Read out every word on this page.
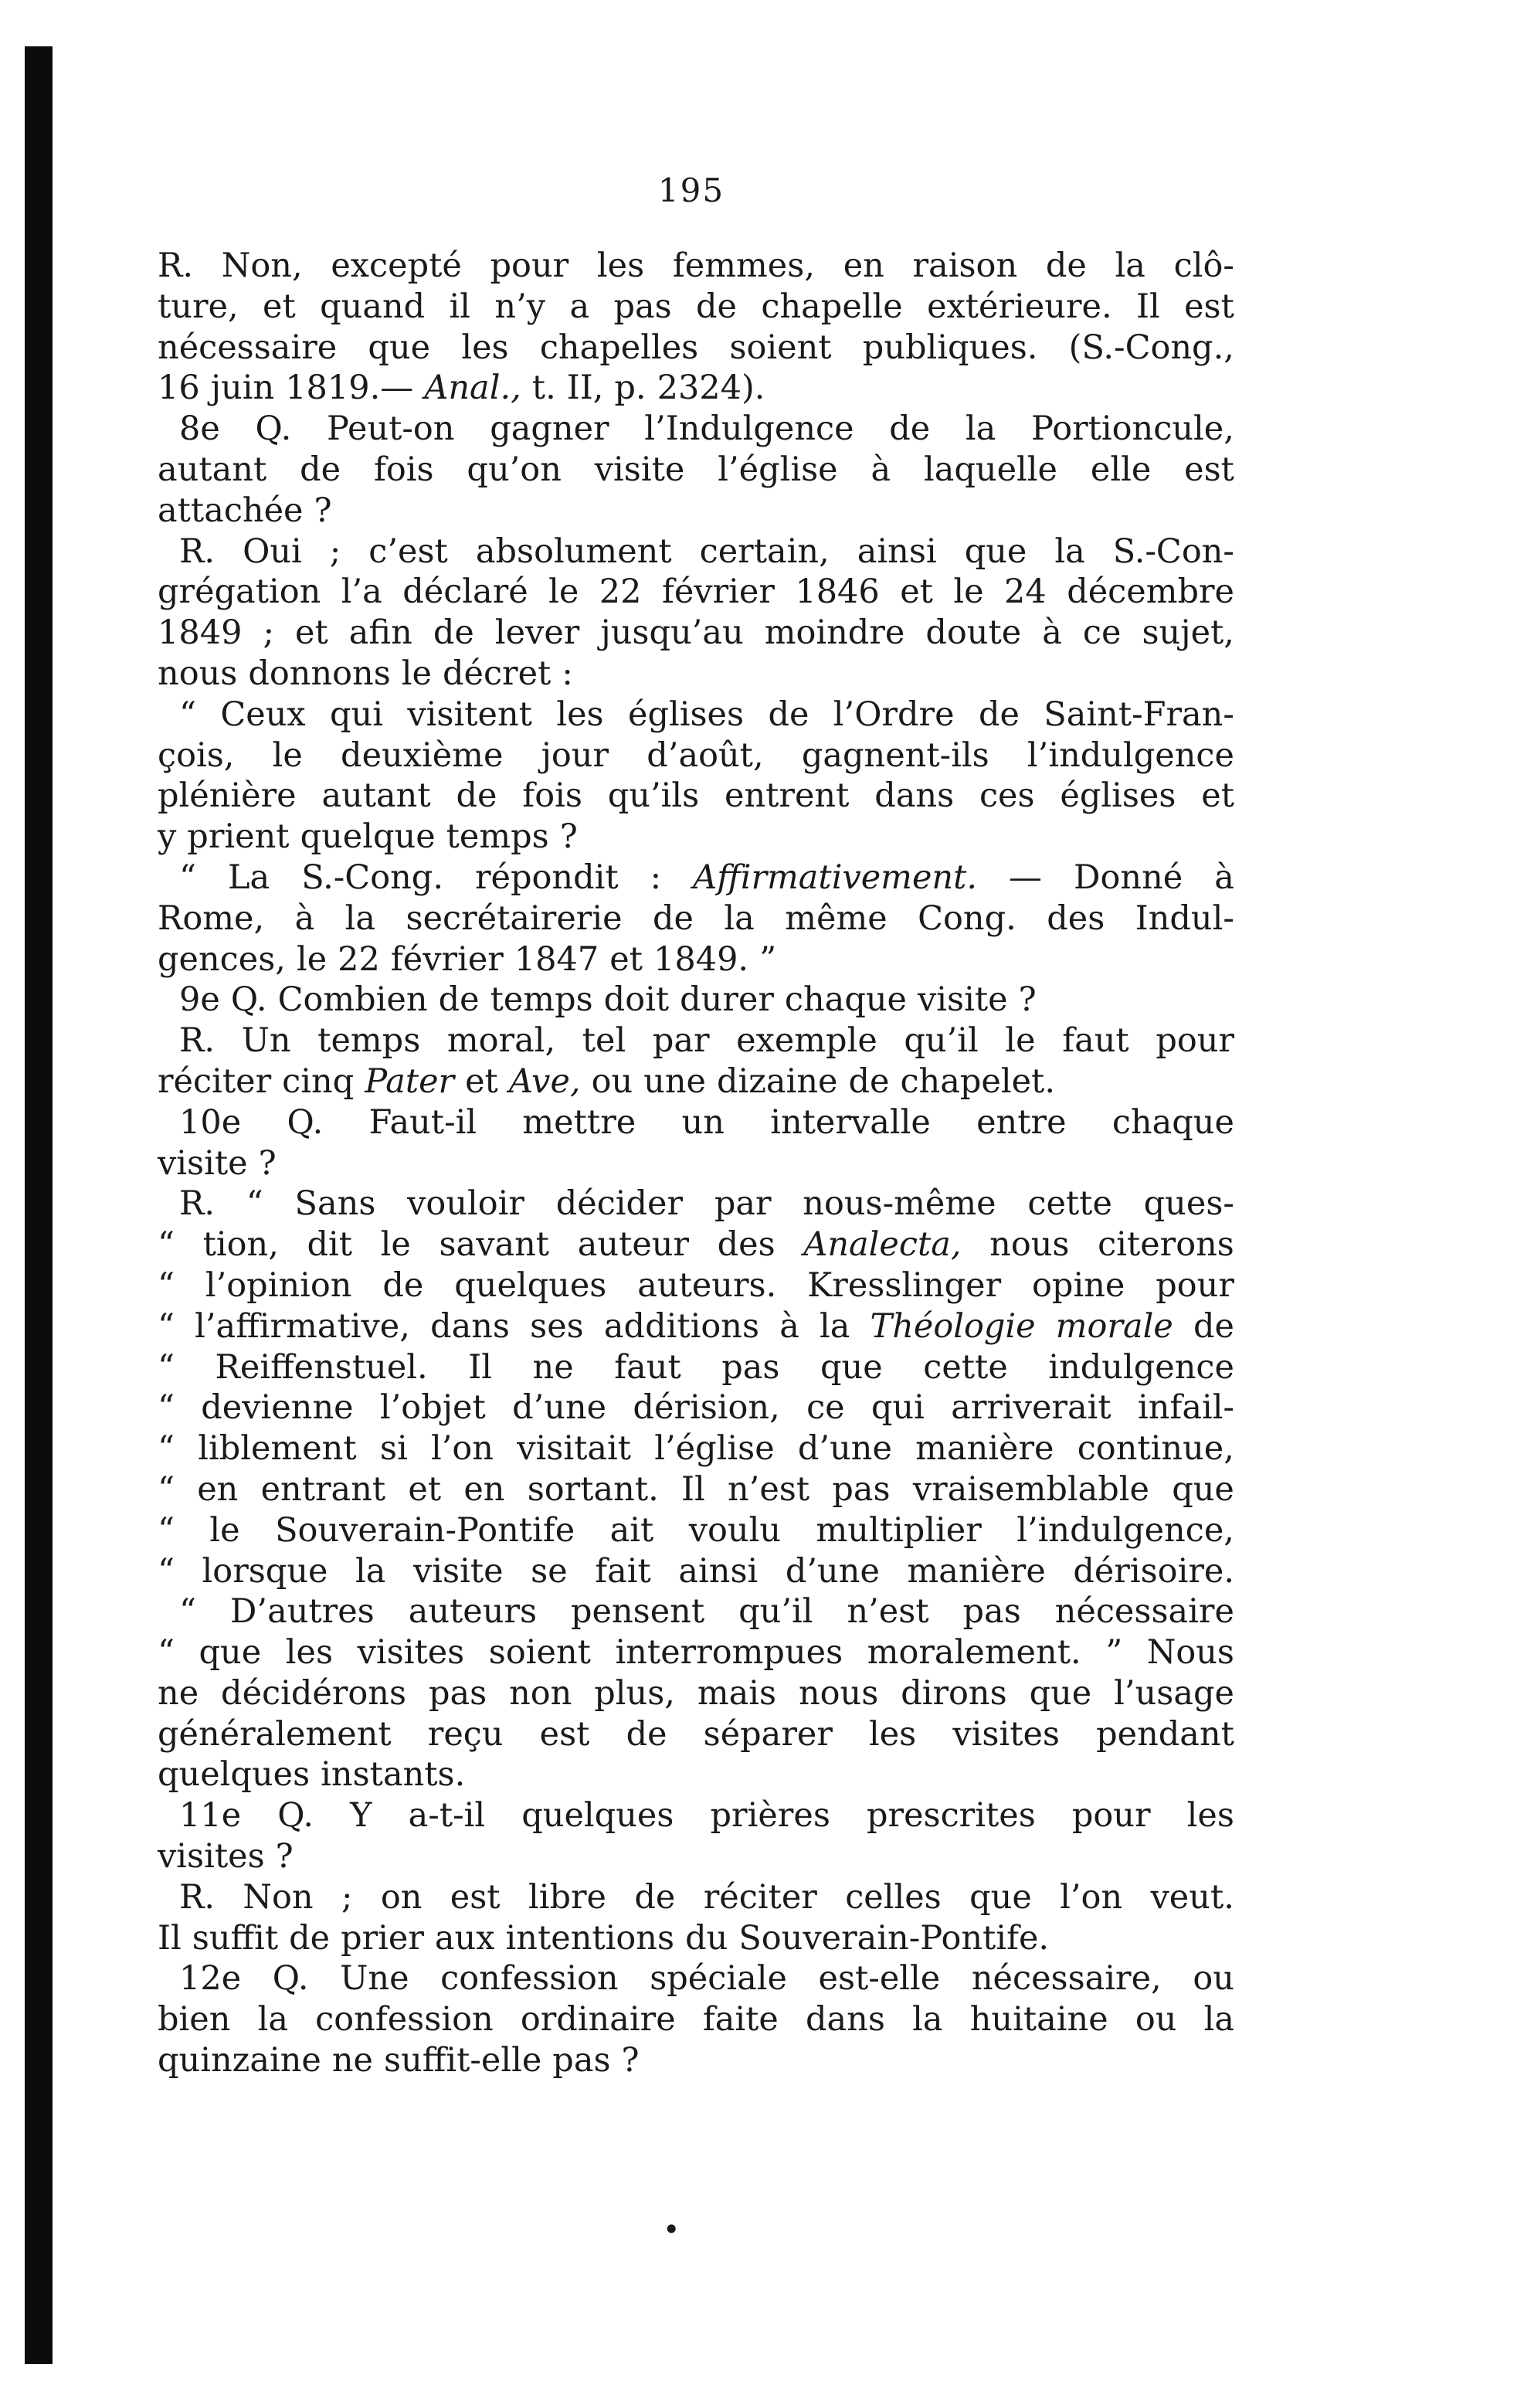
195
R. Non, excepté pour les femmes, en raison de la clô-
ture, et quand il n’y a pas de chapelle extérieure. Il est
nécessaire que les chapelles soient publiques. (S.-Cong.,
16 juin 1819.— Anal., t. II, p. 2324).
8e Q. Peut-on gagner l’Indulgence de la Portioncule,
autant de fois qu’on visite l’église à laquelle elle est
attachée ?
R. Oui ; c’est absolument certain, ainsi que la S.-Con-
grégation l’a déclaré le 22 février 1846 et le 24 décembre
1849 ; et afin de lever jusqu’au moindre doute à ce sujet,
nous donnons le décret :
“ Ceux qui visitent les églises de l’Ordre de Saint-Fran-
çois, le deuxième jour d’août, gagnent-ils l’indulgence
plénière autant de fois qu’ils entrent dans ces églises et
y prient quelque temps ?
“ La S.-Cong. répondit : Affirmativement. — Donné à
Rome, à la secrétairerie de la même Cong. des Indul-
gences, le 22 février 1847 et 1849. ”
9e Q. Combien de temps doit durer chaque visite ?
R. Un temps moral, tel par exemple qu’il le faut pour
réciter cinq Pater et Ave, ou une dizaine de chapelet.
10e Q. Faut-il mettre un intervalle entre chaque
visite ?
R. “ Sans vouloir décider par nous-même cette ques-
“ tion, dit le savant auteur des Analecta, nous citerons
“ l’opinion de quelques auteurs. Kresslinger opine pour
“ l’affirmative, dans ses additions à la Théologie morale de
“ Reiffenstuel. Il ne faut pas que cette indulgence
“ devienne l’objet d’une dérision, ce qui arriverait infail-
“ liblement si l’on visitait l’église d’une manière continue,
“ en entrant et en sortant. Il n’est pas vraisemblable que
“ le Souverain-Pontife ait voulu multiplier l’indulgence,
“ lorsque la visite se fait ainsi d’une manière dérisoire.
“ D’autres auteurs pensent qu’il n’est pas nécessaire
“ que les visites soient interrompues moralement. ” Nous
ne décidérons pas non plus, mais nous dirons que l’usage
généralement reçu est de séparer les visites pendant
quelques instants.
11e Q. Y a-t-il quelques prières prescrites pour les
visites ?
R. Non ; on est libre de réciter celles que l’on veut.
Il suffit de prier aux intentions du Souverain-Pontife.
12e Q. Une confession spéciale est-elle nécessaire, ou
bien la confession ordinaire faite dans la huitaine ou la
quinzaine ne suffit-elle pas ?
•
